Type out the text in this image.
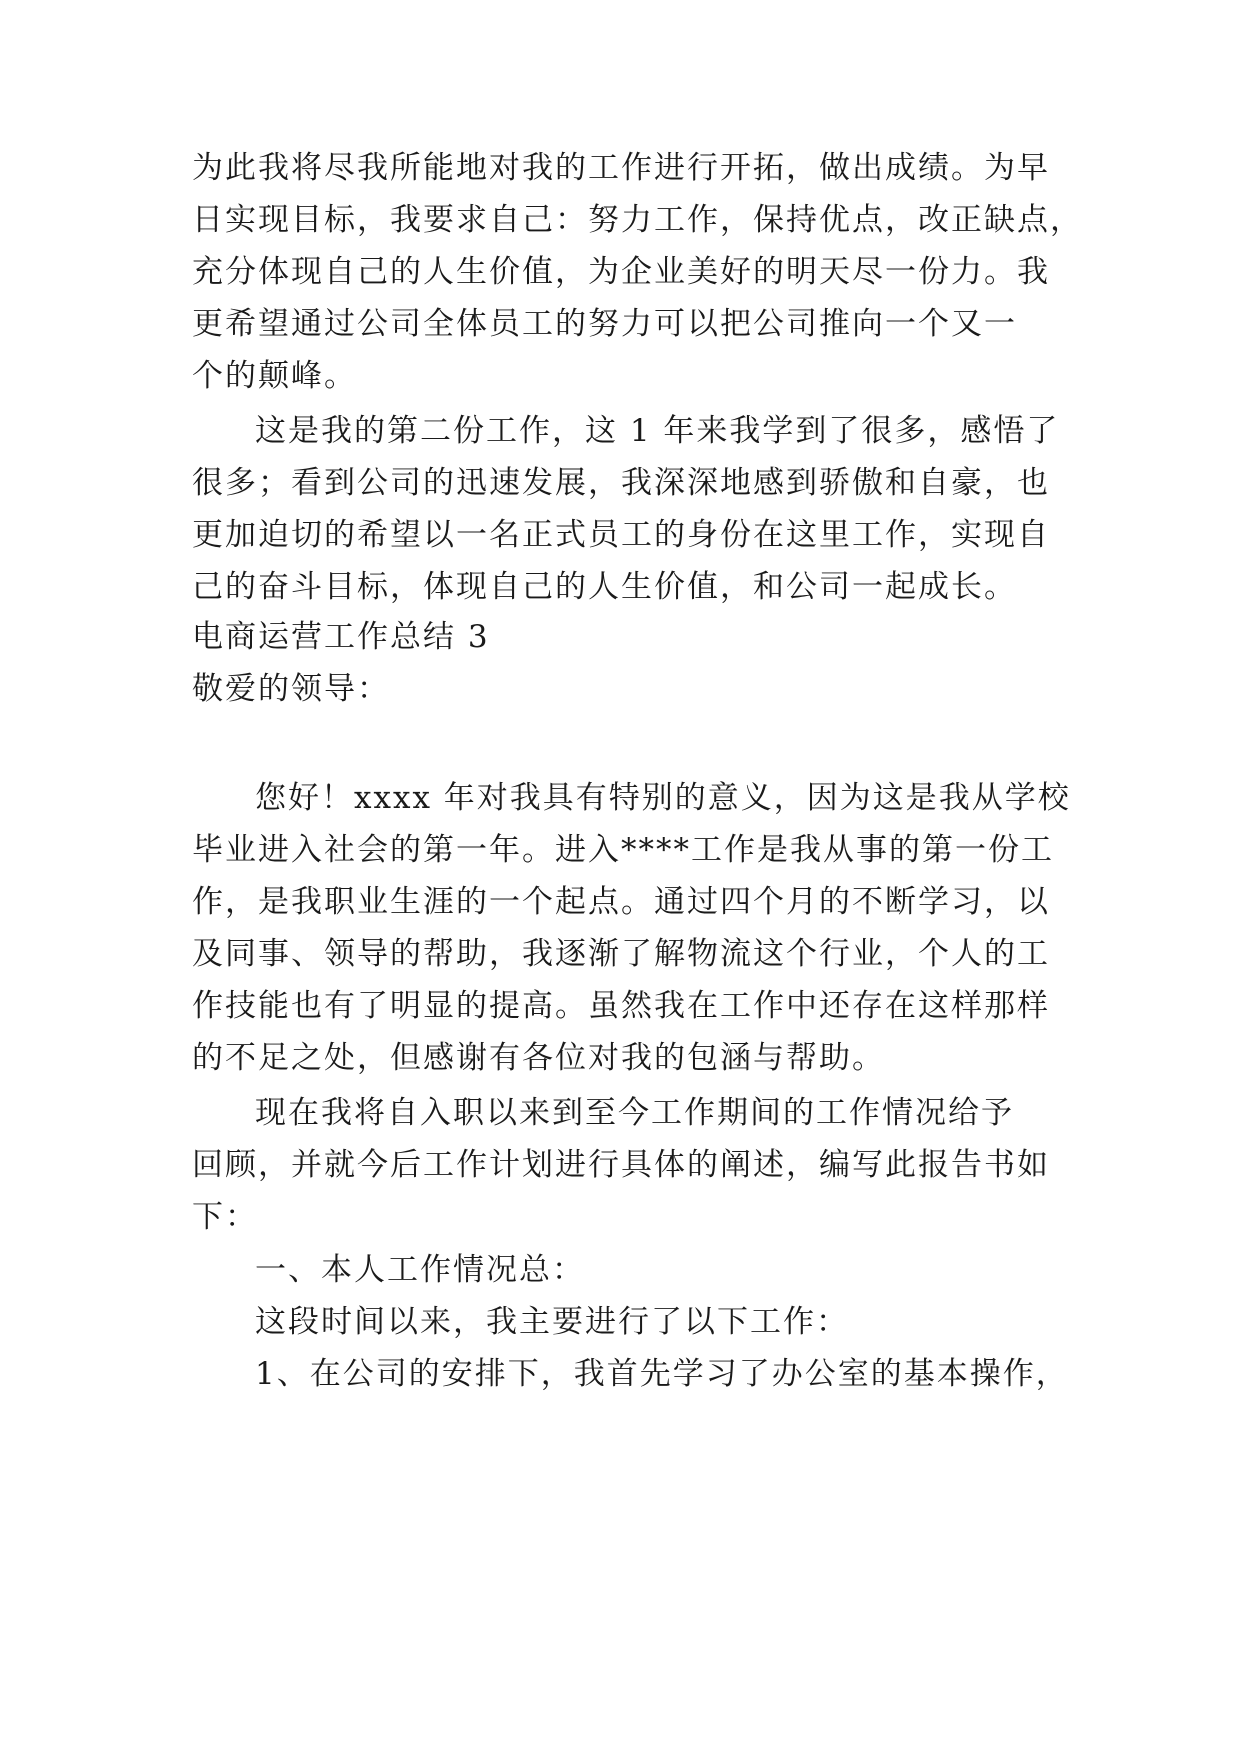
为此我将尽我所能地对我的工作进行开拓，做出成绩。为早
日实现目标，我要求自己：努力工作，保持优点，改正缺点，
充分体现自己的人生价值，为企业美好的明天尽一份力。我
更希望通过公司全体员工的努力可以把公司推向一个又一
个的颠峰。
这是我的第二份工作，这 1 年来我学到了很多，感悟了
很多；看到公司的迅速发展，我深深地感到骄傲和自豪，也
更加迫切的希望以一名正式员工的身份在这里工作，实现自
己的奋斗目标，体现自己的人生价值，和公司一起成长。
电商运营工作总结 3
敬爱的领导：
您好！xxxx 年对我具有特别的意义，因为这是我从学校
毕业进入社会的第一年。进入****工作是我从事的第一份工
作，是我职业生涯的一个起点。通过四个月的不断学习，以
及同事、领导的帮助，我逐渐了解物流这个行业，个人的工
作技能也有了明显的提高。虽然我在工作中还存在这样那样
的不足之处，但感谢有各位对我的包涵与帮助。
现在我将自入职以来到至今工作期间的工作情况给予
回顾，并就今后工作计划进行具体的阐述，编写此报告书如
下：
一、本人工作情况总：
这段时间以来，我主要进行了以下工作：
1、在公司的安排下，我首先学习了办公室的基本操作，
